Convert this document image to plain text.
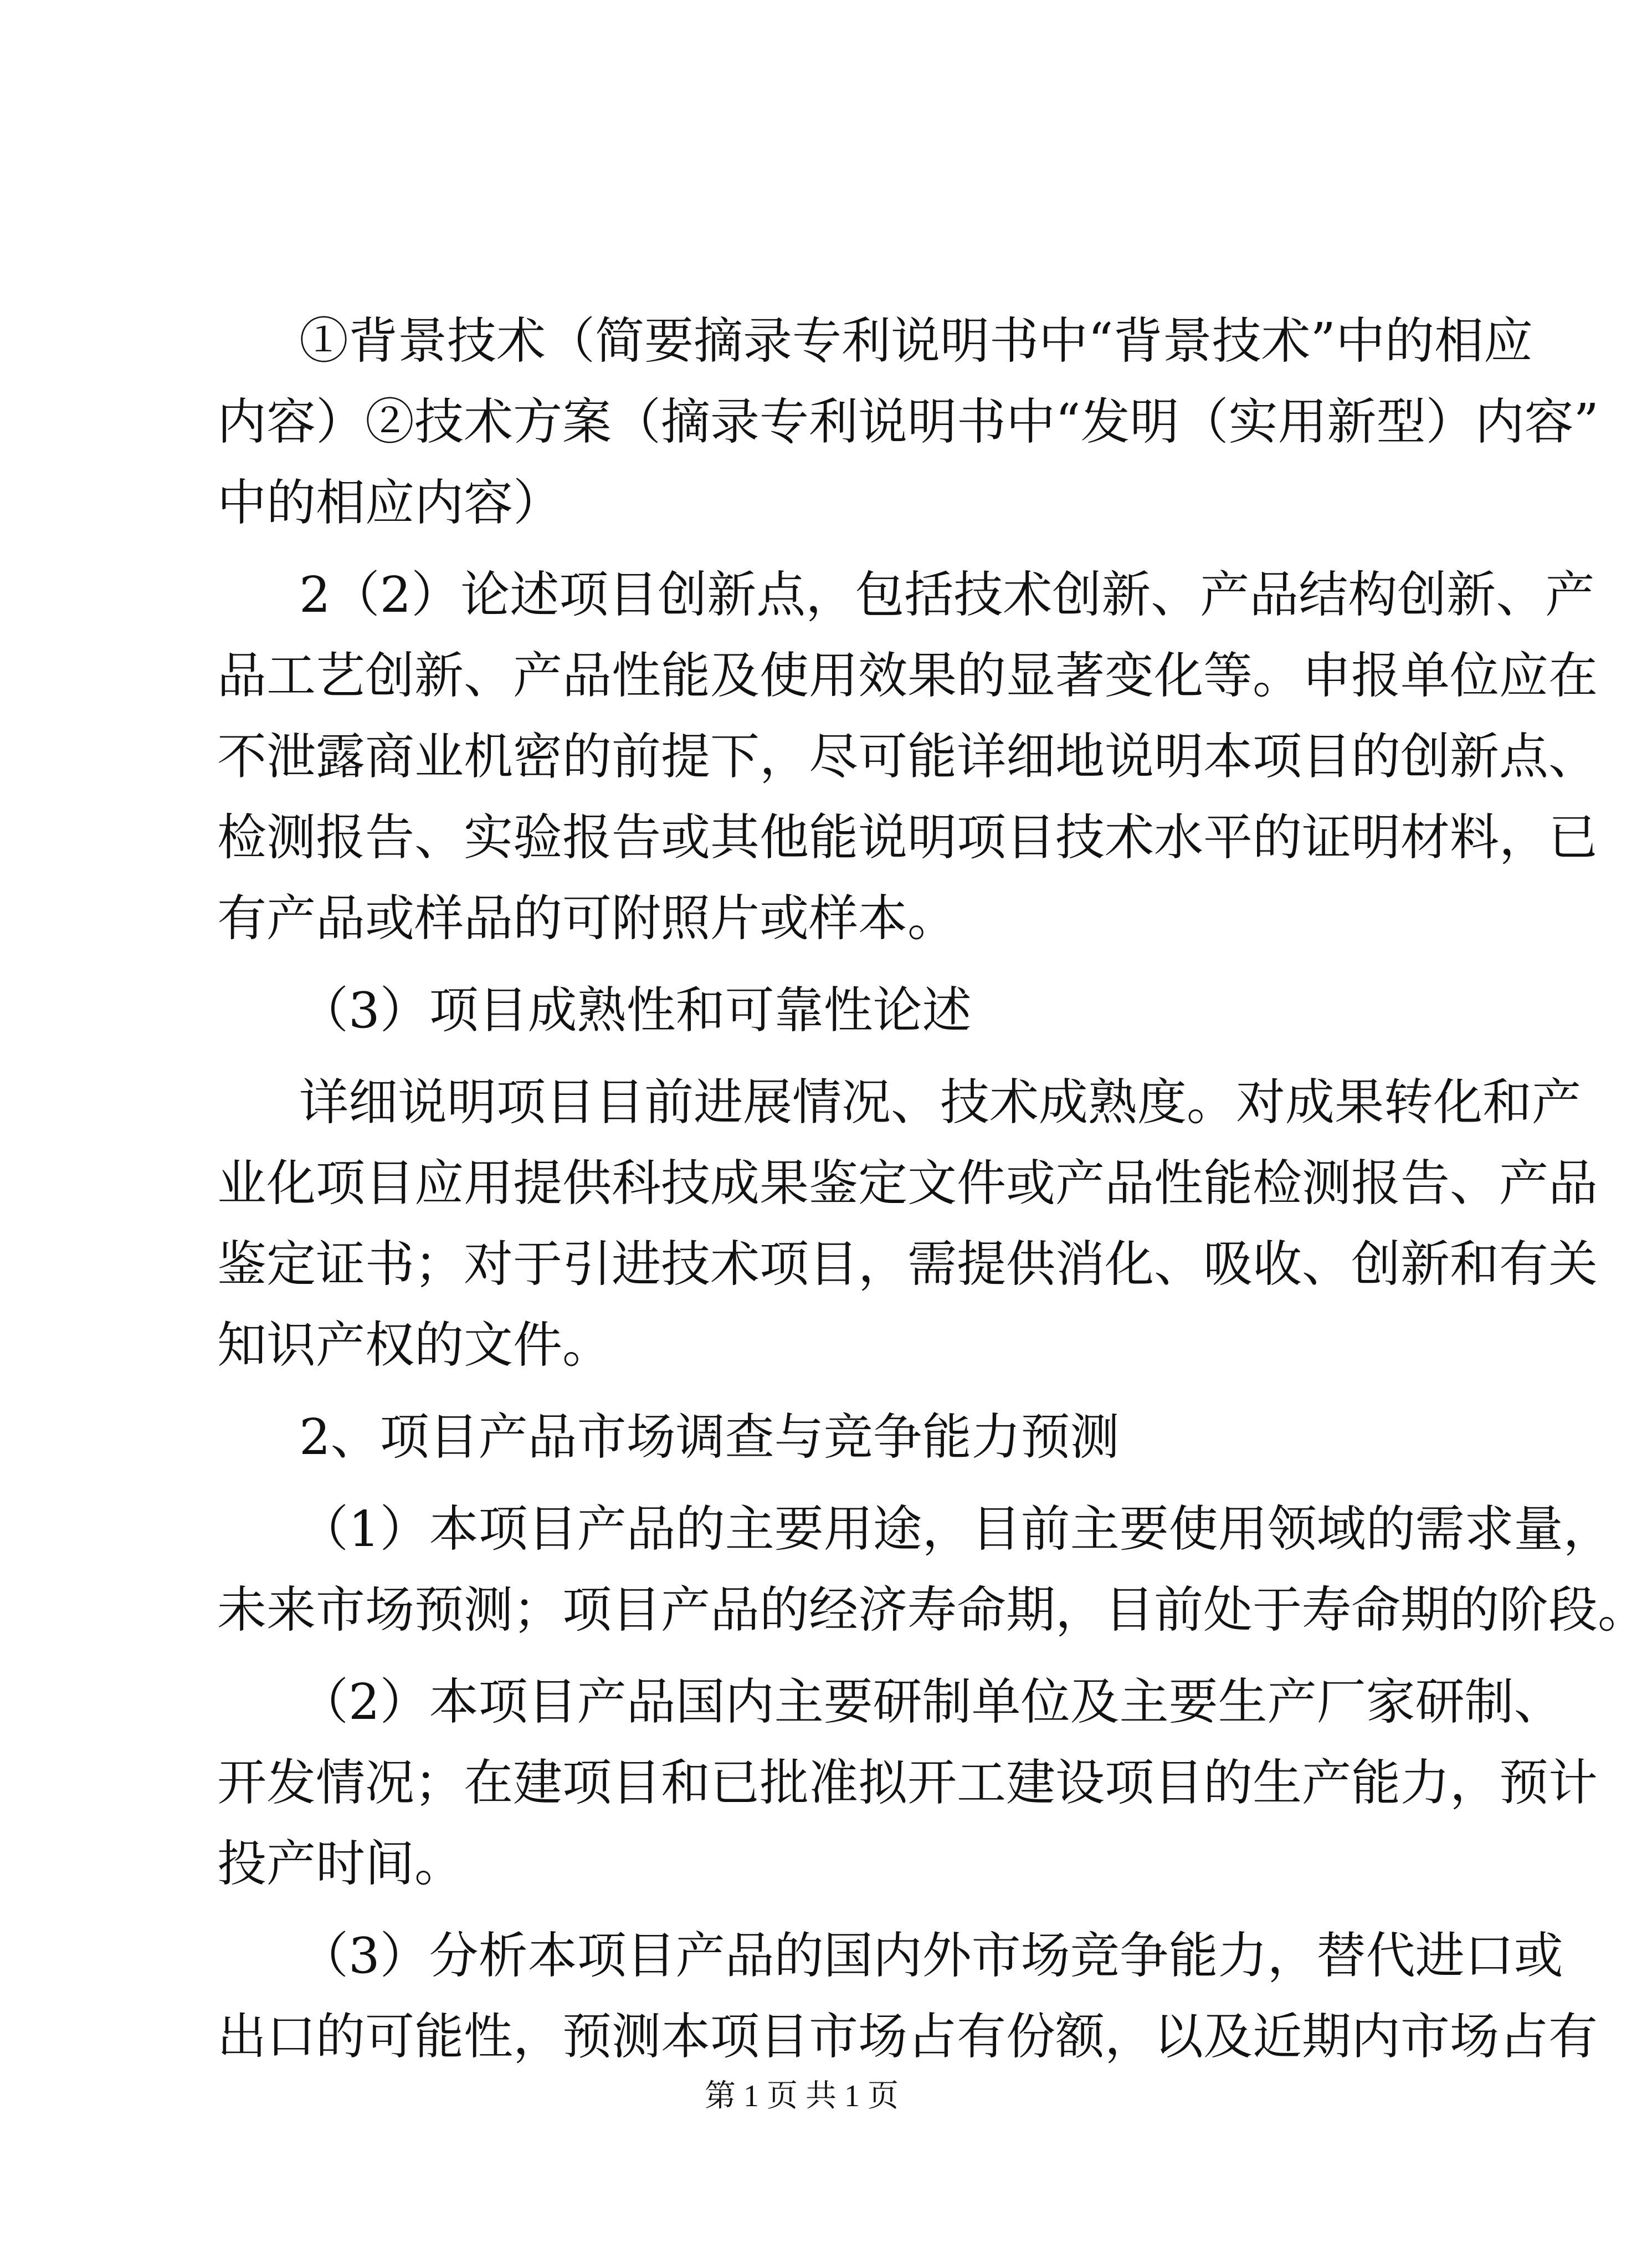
①背景技术（简要摘录专利说明书中“背景技术”中的相应
内容）②技术方案（摘录专利说明书中“发明（实用新型）内容”
中的相应内容）
2（2）论述项目创新点，包括技术创新、产品结构创新、产
品工艺创新、产品性能及使用效果的显著变化等。申报单位应在
不泄露商业机密的前提下，尽可能详细地说明本项目的创新点、
检测报告、实验报告或其他能说明项目技术水平的证明材料，已
有产品或样品的可附照片或样本。
（3）项目成熟性和可靠性论述
详细说明项目目前进展情况、技术成熟度。对成果转化和产
业化项目应用提供科技成果鉴定文件或产品性能检测报告、产品
鉴定证书；对于引进技术项目，需提供消化、吸收、创新和有关
知识产权的文件。
2、项目产品市场调查与竞争能力预测
（1）本项目产品的主要用途，目前主要使用领域的需求量，
未来市场预测；项目产品的经济寿命期，目前处于寿命期的阶段。
（2）本项目产品国内主要研制单位及主要生产厂家研制、
开发情况；在建项目和已批准拟开工建设项目的生产能力，预计
投产时间。
（3）分析本项目产品的国内外市场竞争能力，替代进口或
出口的可能性，预测本项目市场占有份额，以及近期内市场占有
第 1 页 共 1 页
